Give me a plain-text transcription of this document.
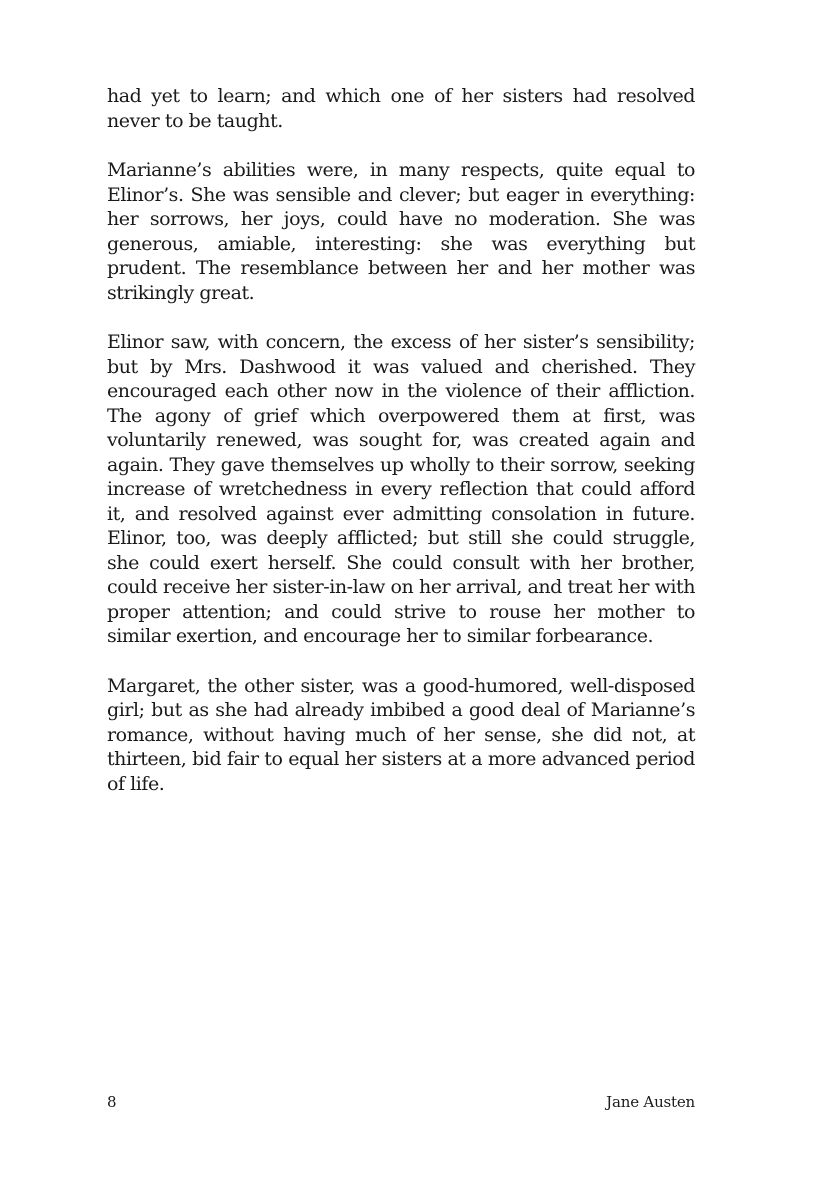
had yet to learn; and which one of her sisters had resolved never to be taught.

Marianne’s abilities were, in many respects, quite equal to Elinor’s. She was sensible and clever; but eager in everything: her sorrows, her joys, could have no moderation. She was generous, amiable, interesting: she was everything but prudent. The resemblance between her and her mother was strikingly great.

Elinor saw, with concern, the excess of her sister’s sensibility; but by Mrs. Dashwood it was valued and cherished. They encouraged each other now in the violence of their affliction. The agony of grief which overpowered them at first, was voluntarily renewed, was sought for, was created again and again. They gave themselves up wholly to their sorrow, seeking increase of wretchedness in every reflection that could afford it, and resolved against ever admitting consolation in future. Elinor, too, was deeply afflicted; but still she could struggle, she could exert herself. She could consult with her brother, could receive her sister-in-law on her arrival, and treat her with proper attention; and could strive to rouse her mother to similar exertion, and encourage her to similar forbearance.

Margaret, the other sister, was a good-humored, well-disposed girl; but as she had already imbibed a good deal of Marianne’s romance, without having much of her sense, she did not, at thirteen, bid fair to equal her sisters at a more advanced period of life.

8	Jane Austen
